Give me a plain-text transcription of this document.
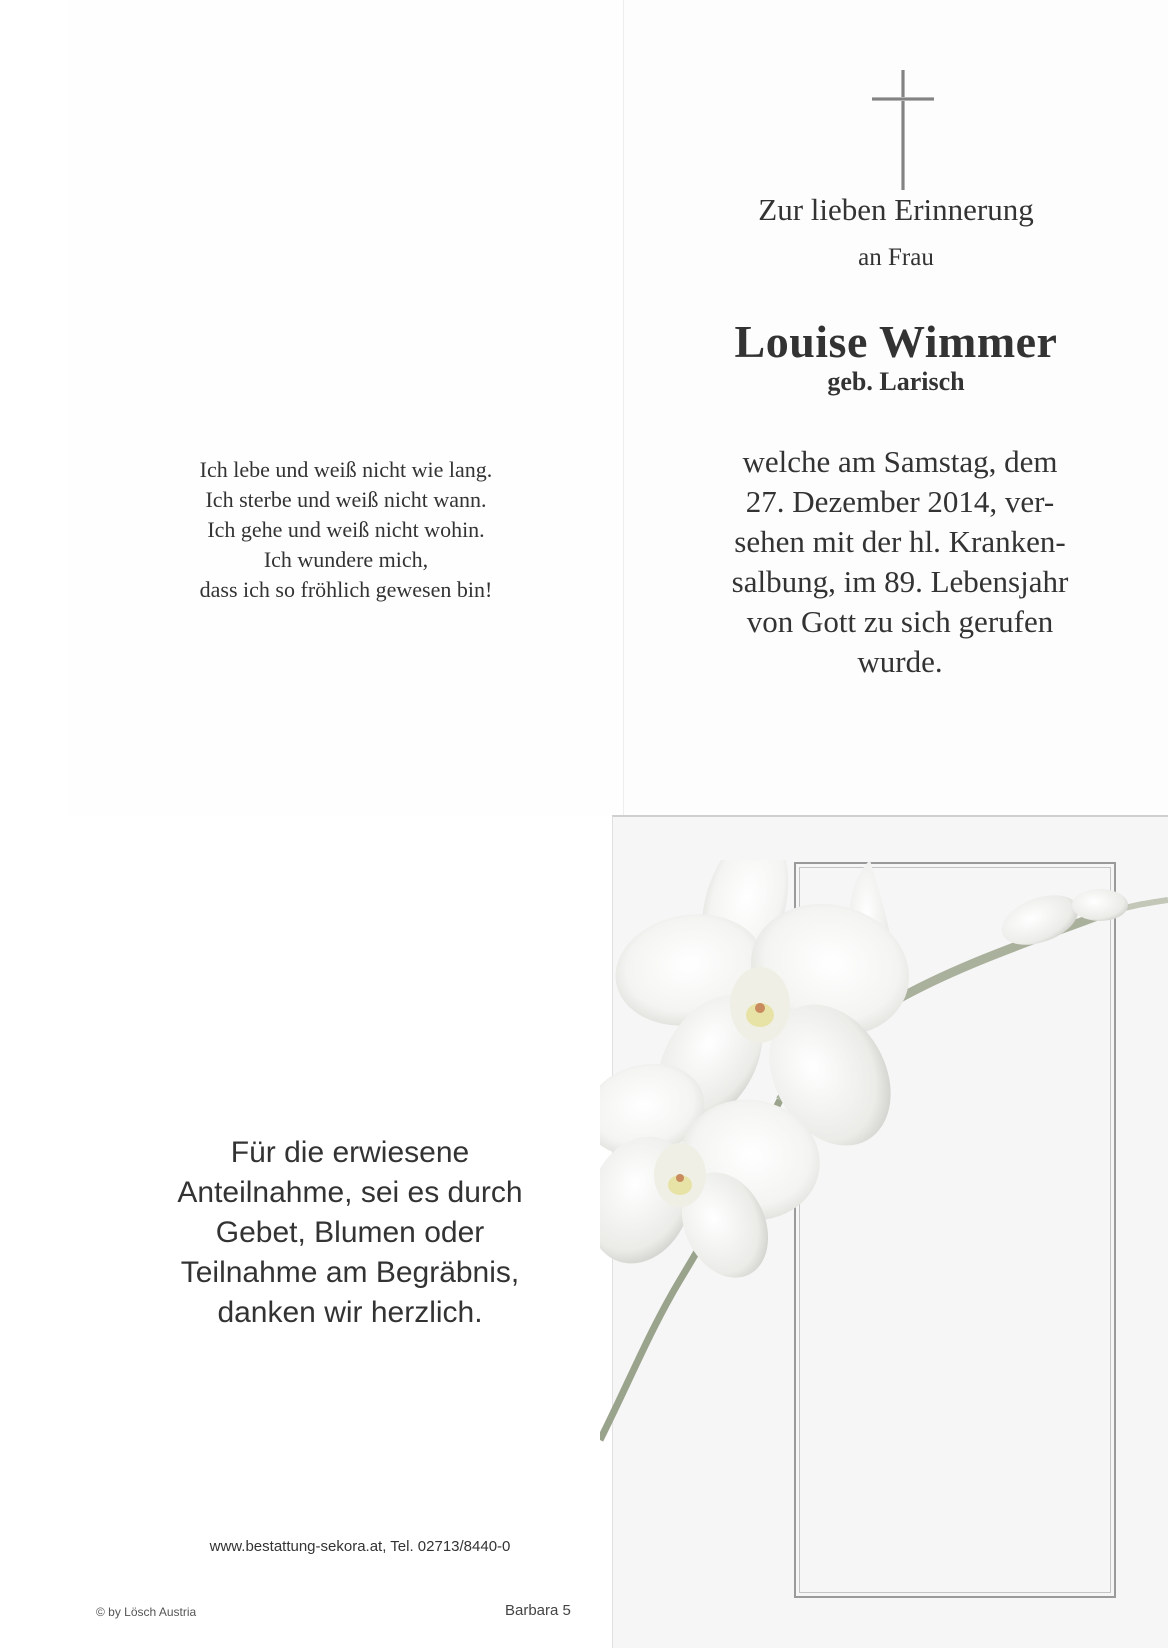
Ich lebe und weiß nicht wie lang.
Ich sterbe und weiß nicht wann.
Ich gehe und weiß nicht wohin.
Ich wundere mich,
dass ich so fröhlich gewesen bin!
Zur lieben Erinnerung
an Frau
Louise Wimmer
geb. Larisch
welche am Samstag, dem
27. Dezember 2014, ver-
sehen mit der hl. Kranken-
salbung, im 89. Lebensjahr
von Gott zu sich gerufen
wurde.
Für die erwiesene
Anteilnahme, sei es durch
Gebet, Blumen oder
Teilnahme am Begräbnis,
danken wir herzlich.
www.bestattung-sekora.at, Tel. 02713/8440-0
© by Lösch Austria	Barbara 5
